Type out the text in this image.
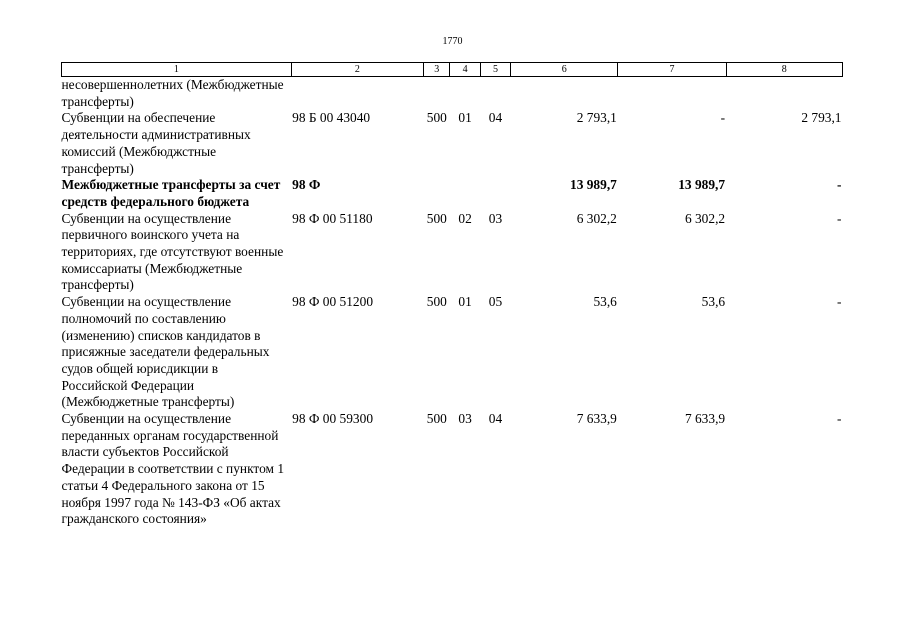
1770
1	2	3	4	5	6	7	8
несовершеннолетних (Межбюджетные трансферты)							
Субвенции на обеспечение деятельности административных комиссий (Межбюджстные трансферты)	98 Б 00 43040	500	01	04	2 793,1	-	2 793,1
Межбюджетные трансферты за счет средств федерального бюджета	98 Ф				13 989,7	13 989,7	-
Субвенции на осуществление первичного воинского учета на территориях, где отсутствуют военные комиссариаты (Межбюджетные трансферты)	98 Ф 00 51180	500	02	03	6 302,2	6 302,2	-
Субвенции на осуществление полномочий по составлению (изменению) списков кандидатов в присяжные заседатели федеральных судов общей юрисдикции в Российской Федерации (Межбюджетные трансферты)	98 Ф 00 51200	500	01	05	53,6	53,6	-
Субвенции на осуществление переданных органам государственной власти субъектов Российской Федерации в соответствии с пунктом 1 статьи 4 Федерального закона от 15 ноября 1997 года № 143-ФЗ «Об актах гражданского состояния»	98 Ф 00 59300	500	03	04	7 633,9	7 633,9	-
